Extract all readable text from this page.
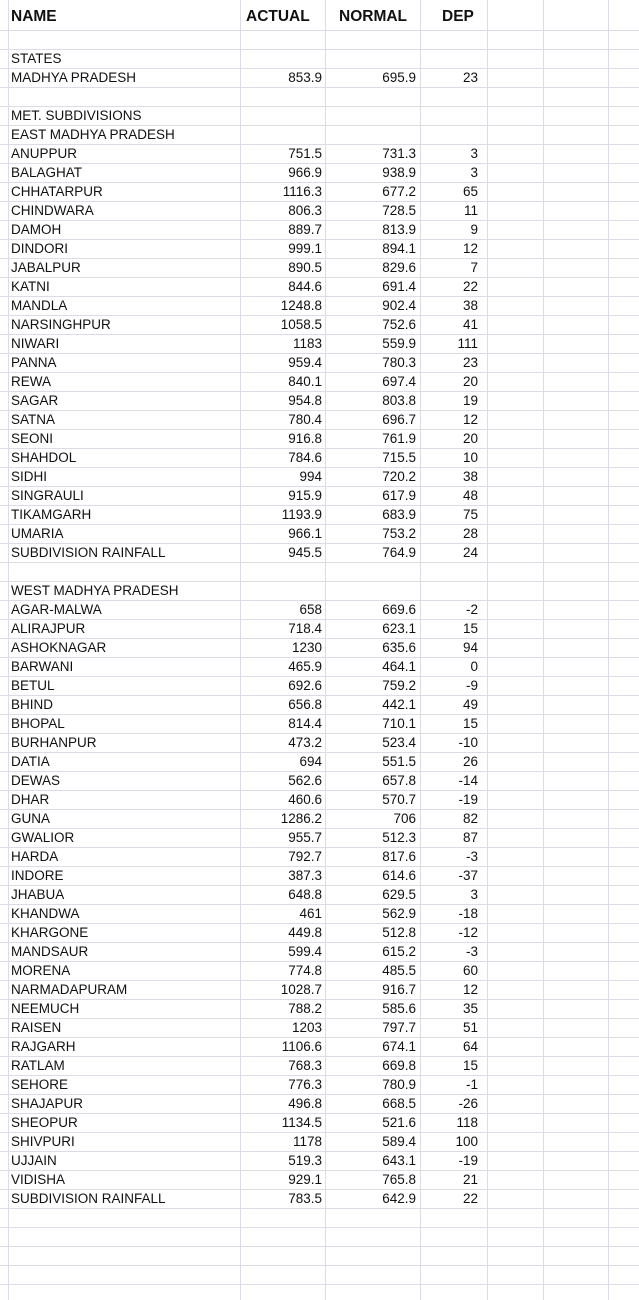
NAME	ACTUAL	NORMAL	DEP
STATES
MADHYA PRADESH	853.9	695.9	23
MET. SUBDIVISIONS
EAST MADHYA PRADESH
ANUPPUR	751.5	731.3	3
BALAGHAT	966.9	938.9	3
CHHATARPUR	1116.3	677.2	65
CHINDWARA	806.3	728.5	11
DAMOH	889.7	813.9	9
DINDORI	999.1	894.1	12
JABALPUR	890.5	829.6	7
KATNI	844.6	691.4	22
MANDLA	1248.8	902.4	38
NARSINGHPUR	1058.5	752.6	41
NIWARI	1183	559.9	111
PANNA	959.4	780.3	23
REWA	840.1	697.4	20
SAGAR	954.8	803.8	19
SATNA	780.4	696.7	12
SEONI	916.8	761.9	20
SHAHDOL	784.6	715.5	10
SIDHI	994	720.2	38
SINGRAULI	915.9	617.9	48
TIKAMGARH	1193.9	683.9	75
UMARIA	966.1	753.2	28
SUBDIVISION RAINFALL	945.5	764.9	24
WEST MADHYA PRADESH
AGAR-MALWA	658	669.6	-2
ALIRAJPUR	718.4	623.1	15
ASHOKNAGAR	1230	635.6	94
BARWANI	465.9	464.1	0
BETUL	692.6	759.2	-9
BHIND	656.8	442.1	49
BHOPAL	814.4	710.1	15
BURHANPUR	473.2	523.4	-10
DATIA	694	551.5	26
DEWAS	562.6	657.8	-14
DHAR	460.6	570.7	-19
GUNA	1286.2	706	82
GWALIOR	955.7	512.3	87
HARDA	792.7	817.6	-3
INDORE	387.3	614.6	-37
JHABUA	648.8	629.5	3
KHANDWA	461	562.9	-18
KHARGONE	449.8	512.8	-12
MANDSAUR	599.4	615.2	-3
MORENA	774.8	485.5	60
NARMADAPURAM	1028.7	916.7	12
NEEMUCH	788.2	585.6	35
RAISEN	1203	797.7	51
RAJGARH	1106.6	674.1	64
RATLAM	768.3	669.8	15
SEHORE	776.3	780.9	-1
SHAJAPUR	496.8	668.5	-26
SHEOPUR	1134.5	521.6	118
SHIVPURI	1178	589.4	100
UJJAIN	519.3	643.1	-19
VIDISHA	929.1	765.8	21
SUBDIVISION RAINFALL	783.5	642.9	22
